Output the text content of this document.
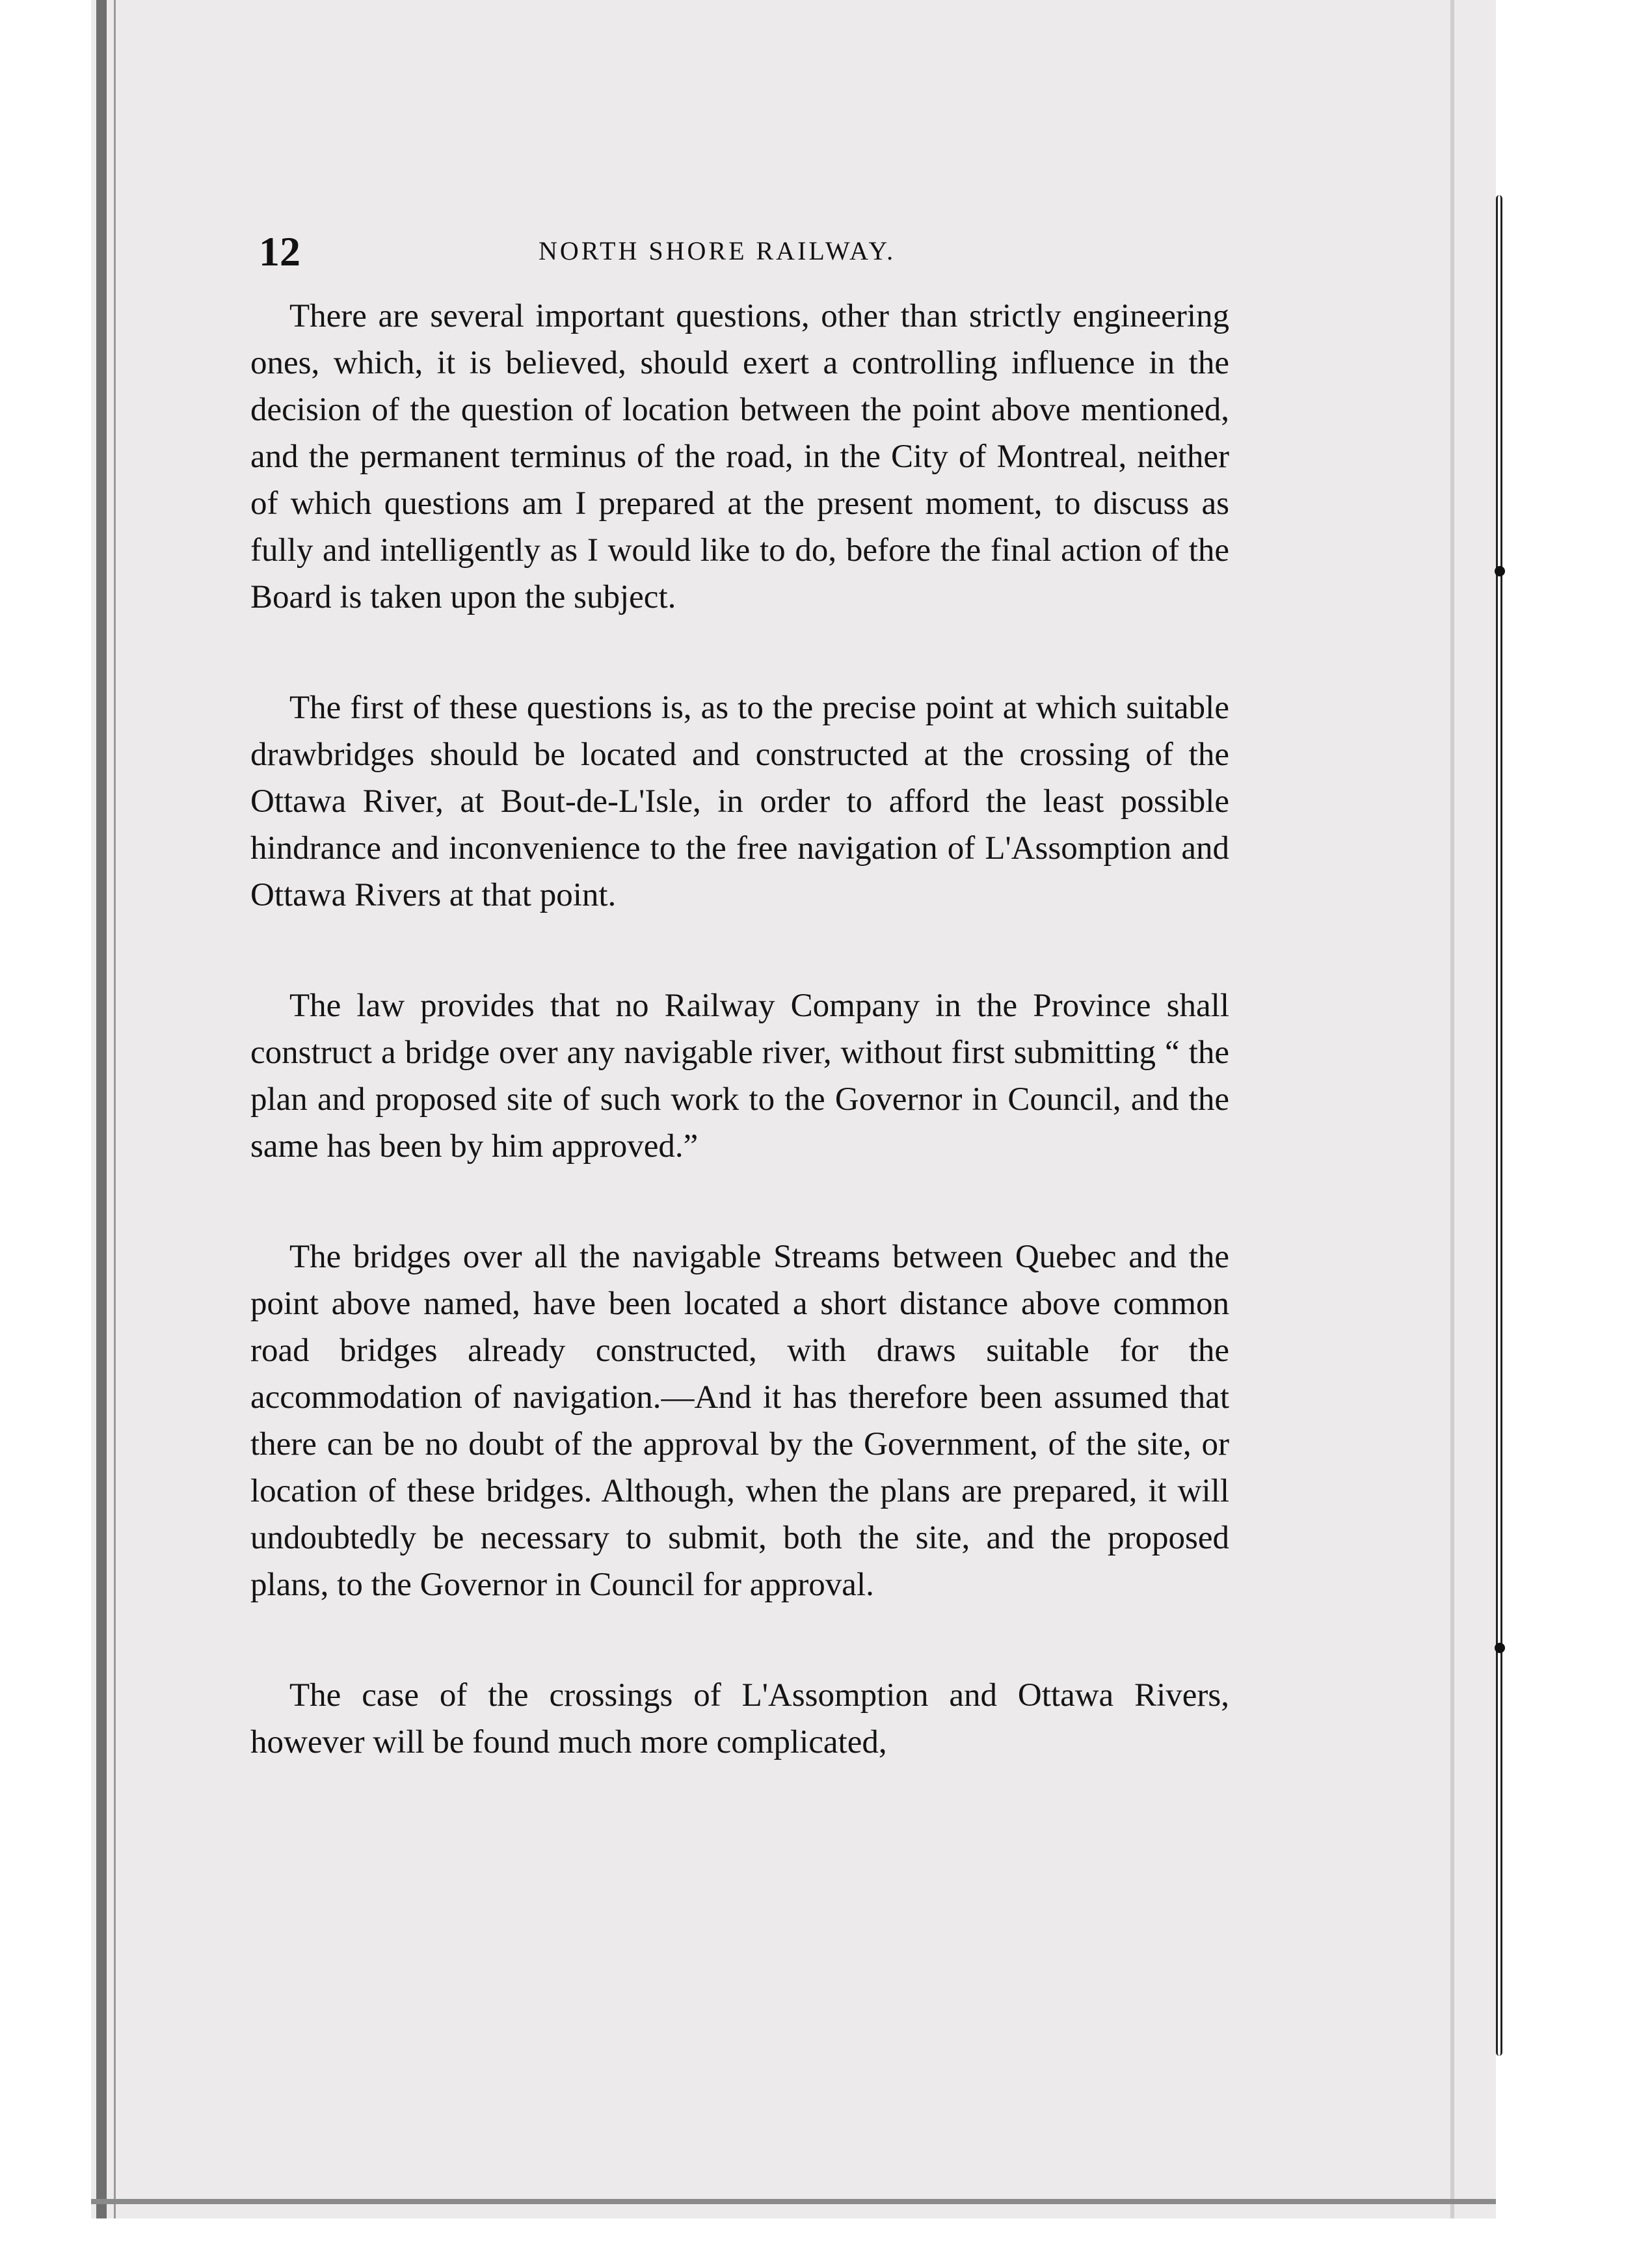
12	NORTH SHORE RAILWAY.

There are several important questions, other than strictly engineering ones, which, it is believed, should exert a controlling influence in the decision of the question of location between the point above mentioned, and the permanent terminus of the road, in the City of Montreal, neither of which questions am I prepared at the present moment, to discuss as fully and intelligently as I would like to do, before the final action of the Board is taken upon the subject.

The first of these questions is, as to the precise point at which suitable drawbridges should be located and constructed at the crossing of the Ottawa River, at Bout-de-L'Isle, in order to afford the least possible hindrance and inconvenience to the free navigation of L'Assomption and Ottawa Rivers at that point.

The law provides that no Railway Company in the Province shall construct a bridge over any navigable river, without first submitting “ the plan and proposed site of such work to the Governor in Council, and the same has been by him approved.”

The bridges over all the navigable Streams between Quebec and the point above named, have been located a short distance above common road bridges already constructed, with draws suitable for the accommodation of navigation.—And it has therefore been assumed that there can be no doubt of the approval by the Government, of the site, or location of these bridges. Although, when the plans are prepared, it will undoubtedly be necessary to submit, both the site, and the proposed plans, to the Governor in Council for approval.

The case of the crossings of L'Assomption and Ottawa Rivers, however will be found much more complicated,
